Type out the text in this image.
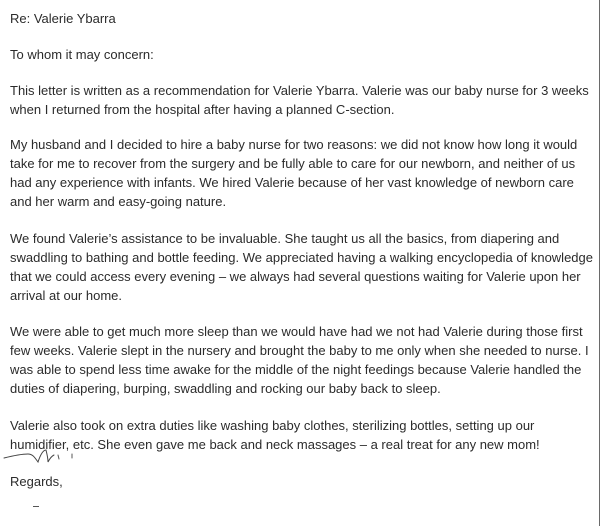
Re: Valerie Ybarra

To whom it may concern:

This letter is written as a recommendation for Valerie Ybarra. Valerie was our baby nurse for 3 weeks when I returned from the hospital after having a planned C-section.

My husband and I decided to hire a baby nurse for two reasons: we did not know how long it would take for me to recover from the surgery and be fully able to care for our newborn, and neither of us had any experience with infants. We hired Valerie because of her vast knowledge of newborn care and her warm and easy-going nature.

We found Valerie’s assistance to be invaluable. She taught us all the basics, from diapering and swaddling to bathing and bottle feeding. We appreciated having a walking encyclopedia of knowledge that we could access every evening – we always had several questions waiting for Valerie upon her arrival at our home.

We were able to get much more sleep than we would have had we not had Valerie during those first few weeks. Valerie slept in the nursery and brought the baby to me only when she needed to nurse. I was able to spend less time awake for the middle of the night feedings because Valerie handled the duties of diapering, burping, swaddling and rocking our baby back to sleep.

Valerie also took on extra duties like washing baby clothes, sterilizing bottles, setting up our humidifier, etc. She even gave me back and neck massages – a real treat for any new mom!

Regards,
